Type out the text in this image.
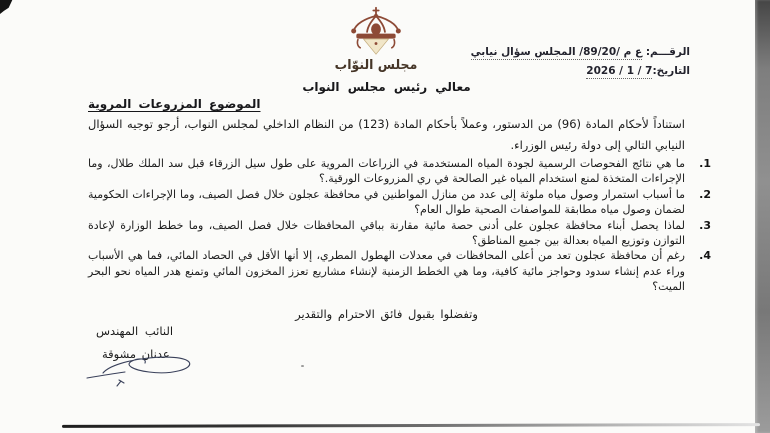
مجلس النوّاب
الرقـــم: ع م /89/20/ المجلس سؤال نيابي
التاريخ:7 / 1 / 2026
معالي رئيس مجلس النواب
الموضوع المزروعات المروية
استناداً لأحكام المادة (96) من الدستور، وعملاً بأحكام المادة (123) من النظام الداخلي لمجلس النواب، أرجو توجيه السؤال النيابي التالي إلى دولة رئيس الوزراء.
1.
ما هي نتائج الفحوصات الرسمية لجودة المياه المستخدمة في الزراعات المروية على طول سيل الزرقاء قبل سد الملك طلال، وما الإجراءات المتخذة لمنع استخدام المياه غير الصالحة في ري المزروعات الورقية.؟
2.
ما أسباب استمرار وصول مياه ملوثة إلى عدد من منازل المواطنين في محافظة عجلون خلال فصل الصيف، وما الإجراءات الحكومية لضمان وصول مياه مطابقة للمواصفات الصحية طوال العام؟
3.
لماذا يحصل أبناء محافظة عجلون على أدنى حصة مائية مقارنة بباقي المحافظات خلال فصل الصيف، وما خطط الوزارة لإعادة التوازن وتوزيع المياه بعدالة بين جميع المناطق؟
4.
رغم أن محافظة عجلون تعد من أعلى المحافظات في معدلات الهطول المطري، إلا أنها الأقل في الحصاد المائي، فما هي الأسباب وراء عدم إنشاء سدود وحواجز مائية كافية، وما هي الخطط الزمنية لإنشاء مشاريع تعزز المخزون المائي وتمنع هدر المياه نحو البحر الميت؟
وتفضلوا بقبول فائق الاحترام والتقدير
النائب المهندس
عدنان مشوقة
